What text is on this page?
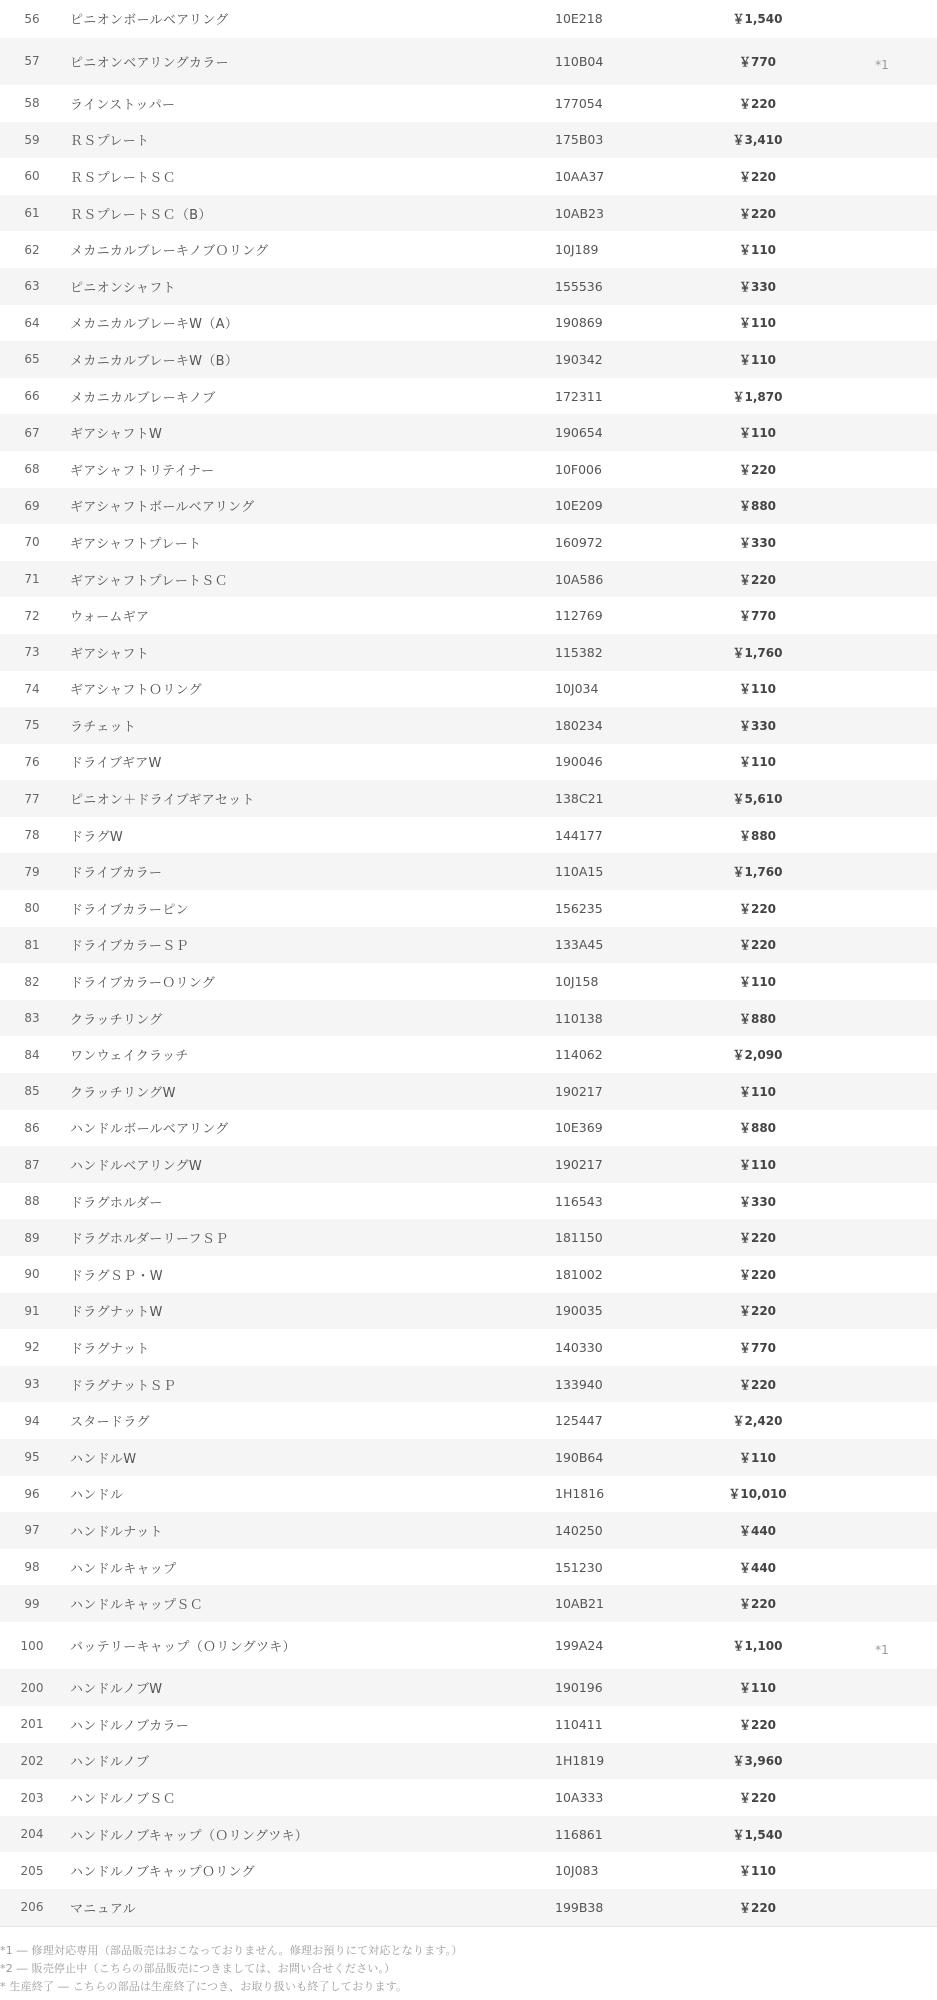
56	ピニオンボールベアリング	10E218	￥1,540
57	ピニオンベアリングカラー	110B04	￥770	*1
58	ラインストッパー	177054	￥220
59	ＲＳプレート	175B03	￥3,410
60	ＲＳプレートＳＣ	10AA37	￥220
61	ＲＳプレートＳＣ（B）	10AB23	￥220
62	メカニカルブレーキノブＯリング	10J189	￥110
63	ピニオンシャフト	155536	￥330
64	メカニカルブレーキW（A）	190869	￥110
65	メカニカルブレーキW（B）	190342	￥110
66	メカニカルブレーキノブ	172311	￥1,870
67	ギアシャフトW	190654	￥110
68	ギアシャフトリテイナー	10F006	￥220
69	ギアシャフトボールベアリング	10E209	￥880
70	ギアシャフトプレート	160972	￥330
71	ギアシャフトプレートＳＣ	10A586	￥220
72	ウォームギア	112769	￥770
73	ギアシャフト	115382	￥1,760
74	ギアシャフトＯリング	10J034	￥110
75	ラチェット	180234	￥330
76	ドライブギアW	190046	￥110
77	ピニオン＋ドライブギアセット	138C21	￥5,610
78	ドラグW	144177	￥880
79	ドライブカラー	110A15	￥1,760
80	ドライブカラーピン	156235	￥220
81	ドライブカラーＳＰ	133A45	￥220
82	ドライブカラーＯリング	10J158	￥110
83	クラッチリング	110138	￥880
84	ワンウェイクラッチ	114062	￥2,090
85	クラッチリングW	190217	￥110
86	ハンドルボールベアリング	10E369	￥880
87	ハンドルベアリングW	190217	￥110
88	ドラグホルダー	116543	￥330
89	ドラグホルダーリーフＳＰ	181150	￥220
90	ドラグＳＰ・W	181002	￥220
91	ドラグナットW	190035	￥220
92	ドラグナット	140330	￥770
93	ドラグナットＳＰ	133940	￥220
94	スタードラグ	125447	￥2,420
95	ハンドルW	190B64	￥110
96	ハンドル	1H1816	￥10,010
97	ハンドルナット	140250	￥440
98	ハンドルキャップ	151230	￥440
99	ハンドルキャップＳＣ	10AB21	￥220
100	バッテリーキャップ（Ｏリングツキ）	199A24	￥1,100	*1
200	ハンドルノブW	190196	￥110
201	ハンドルノブカラー	110411	￥220
202	ハンドルノブ	1H1819	￥3,960
203	ハンドルノブＳＣ	10A333	￥220
204	ハンドルノブキャップ（Ｏリングツキ）	116861	￥1,540
205	ハンドルノブキャップＯリング	10J083	￥110
206	マニュアル	199B38	￥220
*1 ― 修理対応専用（部品販売はおこなっておりません。修理お預りにて対応となります。）
*2 ― 販売停止中（こちらの部品販売につきましては、お問い合せください。）
* 生産終了 ― こちらの部品は生産終了につき、お取り扱いも終了しております。
